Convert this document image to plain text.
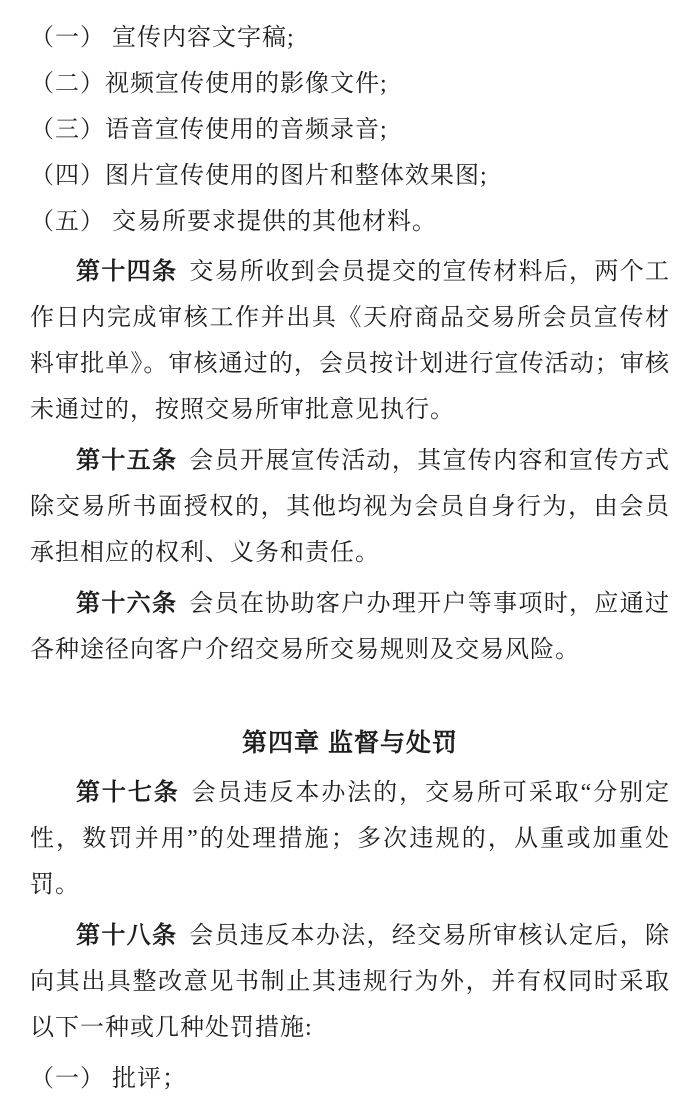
（一） 宣传内容文字稿;

（二）视频宣传使用的影像文件;

（三）语音宣传使用的音频录音;

（四）图片宣传使用的图片和整体效果图;

（五） 交易所要求提供的其他材料。

第十四条 交易所收到会员提交的宣传材料后，两个工作日内完成审核工作并出具《天府商品交易所会员宣传材料审批单》。审核通过的，会员按计划进行宣传活动；审核未通过的，按照交易所审批意见执行。

第十五条 会员开展宣传活动，其宣传内容和宣传方式除交易所书面授权的，其他均视为会员自身行为，由会员承担相应的权利、义务和责任。

第十六条 会员在协助客户办理开户等事项时，应通过各种途径向客户介绍交易所交易规则及交易风险。

第四章 监督与处罚

第十七条 会员违反本办法的，交易所可采取“分别定性，数罚并用”的处理措施；多次违规的，从重或加重处罚。

第十八条 会员违反本办法，经交易所审核认定后，除向其出具整改意见书制止其违规行为外，并有权同时采取以下一种或几种处罚措施:

（一） 批评；
